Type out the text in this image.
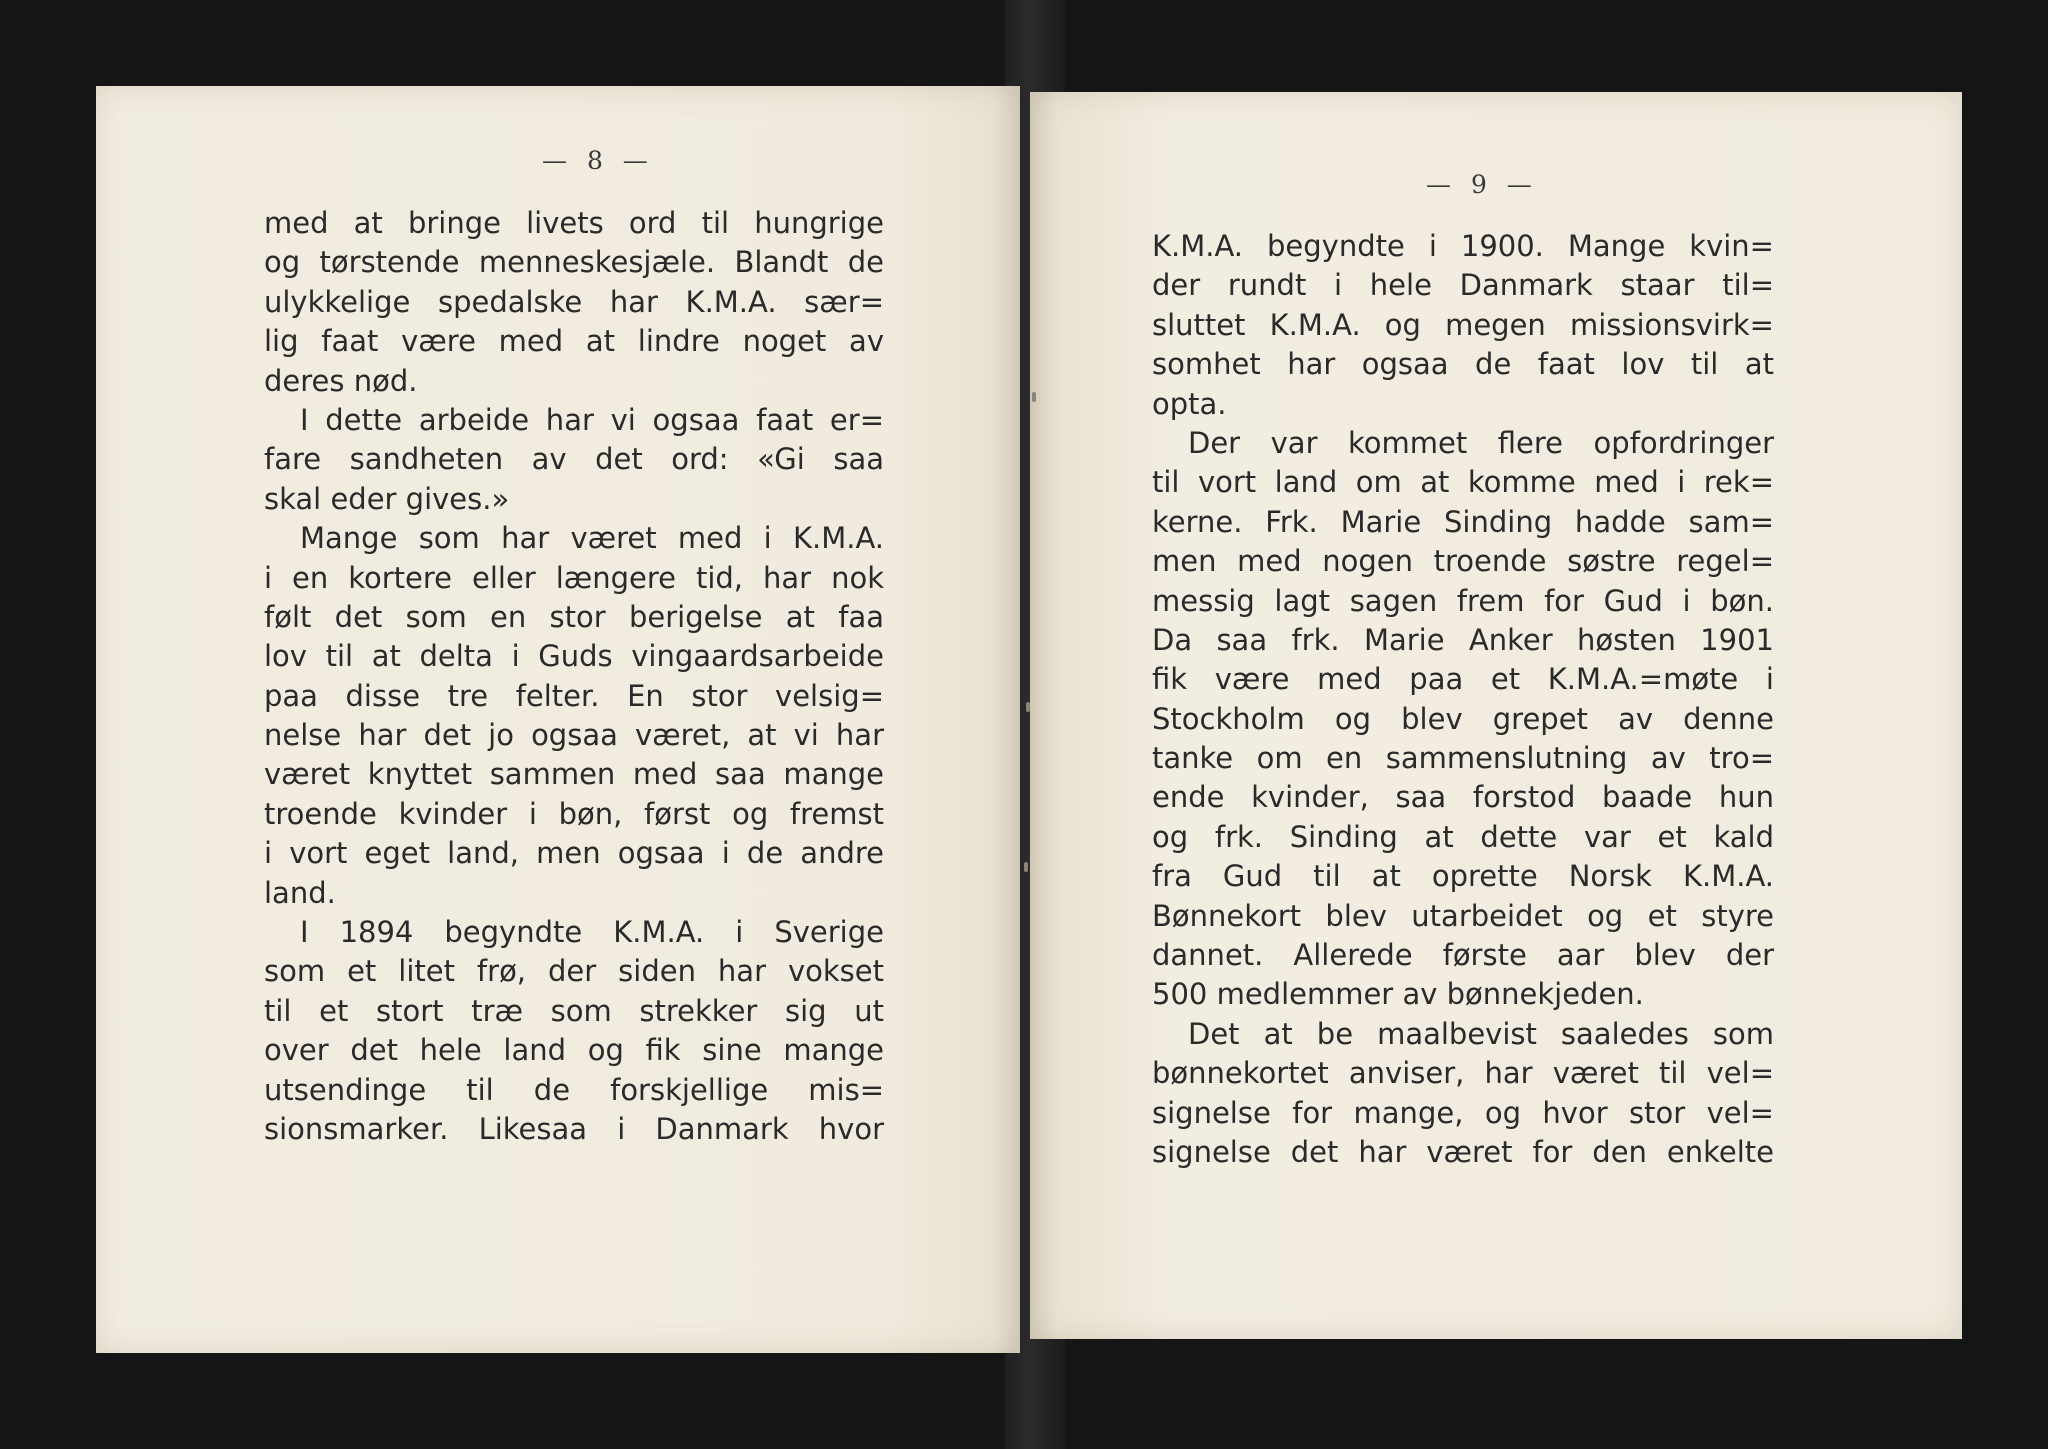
— 8 —
med at bringe livets ord til hungrige
og tørstende menneskesjæle. Blandt de
ulykkelige spedalske har K.M.A. sær=
lig faat være med at lindre noget av
deres nød.
I dette arbeide har vi ogsaa faat er=
fare sandheten av det ord: «Gi saa
skal eder gives.»
Mange som har været med i K.M.A.
i en kortere eller længere tid, har nok
følt det som en stor berigelse at faa
lov til at delta i Guds vingaardsarbeide
paa disse tre felter. En stor velsig=
nelse har det jo ogsaa været, at vi har
været knyttet sammen med saa mange
troende kvinder i bøn, først og fremst
i vort eget land, men ogsaa i de andre
land.
I 1894 begyndte K.M.A. i Sverige
som et litet frø, der siden har vokset
til et stort træ som strekker sig ut
over det hele land og fik sine mange
utsendinge til de forskjellige mis=
sionsmarker. Likesaa i Danmark hvor
— 9 —
K.M.A. begyndte i 1900. Mange kvin=
der rundt i hele Danmark staar til=
sluttet K.M.A. og megen missionsvirk=
somhet har ogsaa de faat lov til at
opta.
Der var kommet flere opfordringer
til vort land om at komme med i rek=
kerne. Frk. Marie Sinding hadde sam=
men med nogen troende søstre regel=
messig lagt sagen frem for Gud i bøn.
Da saa frk. Marie Anker høsten 1901
fik være med paa et K.M.A.=møte i
Stockholm og blev grepet av denne
tanke om en sammenslutning av tro=
ende kvinder, saa forstod baade hun
og frk. Sinding at dette var et kald
fra Gud til at oprette Norsk K.M.A.
Bønnekort blev utarbeidet og et styre
dannet. Allerede første aar blev der
500 medlemmer av bønnekjeden.
Det at be maalbevist saaledes som
bønnekortet anviser, har været til vel=
signelse for mange, og hvor stor vel=
signelse det har været for den enkelte
